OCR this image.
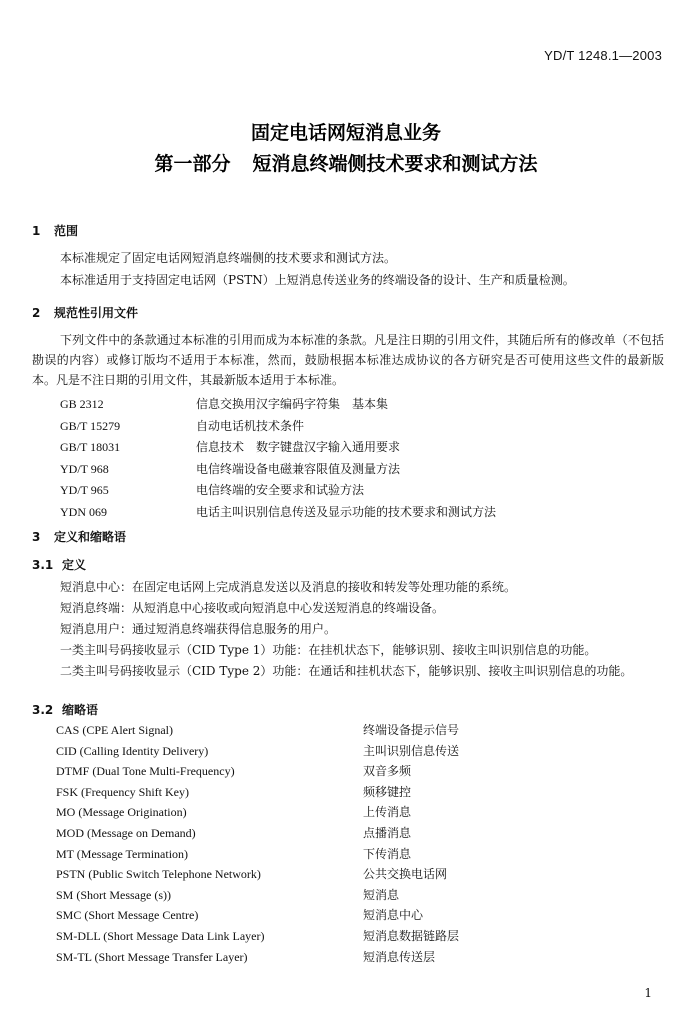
YD/T 1248.1—2003
固定电话网短消息业务
第一部分 短消息终端侧技术要求和测试方法
1 范围
本标准规定了固定电话网短消息终端侧的技术要求和测试方法。
本标准适用于支持固定电话网（PSTN）上短消息传送业务的终端设备的设计、生产和质量检测。
2 规范性引用文件
下列文件中的条款通过本标准的引用而成为本标准的条款。凡是注日期的引用文件，其随后所有的修改单（不包括勘误的内容）或修订版均不适用于本标准，然而，鼓励根据本标准达成协议的各方研究是否可使用这些文件的最新版本。凡是不注日期的引用文件，其最新版本适用于本标准。
GB 2312	信息交换用汉字编码字符集　基本集
GB/T 15279	自动电话机技术条件
GB/T 18031	信息技术　数字键盘汉字输入通用要求
YD/T 968	电信终端设备电磁兼容限值及测量方法
YD/T 965	电信终端的安全要求和试验方法
YDN 069	电话主叫识别信息传送及显示功能的技术要求和测试方法
3 定义和缩略语
3.1 定义
短消息中心：在固定电话网上完成消息发送以及消息的接收和转发等处理功能的系统。
短消息终端：从短消息中心接收或向短消息中心发送短消息的终端设备。
短消息用户：通过短消息终端获得信息服务的用户。
一类主叫号码接收显示（CID Type 1）功能：在挂机状态下，能够识别、接收主叫识别信息的功能。
二类主叫号码接收显示（CID Type 2）功能：在通话和挂机状态下，能够识别、接收主叫识别信息的功能。
3.2 缩略语
CAS (CPE Alert Signal)	终端设备提示信号
CID (Calling Identity Delivery)	主叫识别信息传送
DTMF (Dual Tone Multi-Frequency)	双音多频
FSK (Frequency Shift Key)	频移键控
MO (Message Origination)	上传消息
MOD (Message on Demand)	点播消息
MT (Message Termination)	下传消息
PSTN (Public Switch Telephone Network)	公共交换电话网
SM (Short Message (s))	短消息
SMC (Short Message Centre)	短消息中心
SM-DLL (Short Message Data Link Layer)	短消息数据链路层
SM-TL (Short Message Transfer Layer)	短消息传送层
1
